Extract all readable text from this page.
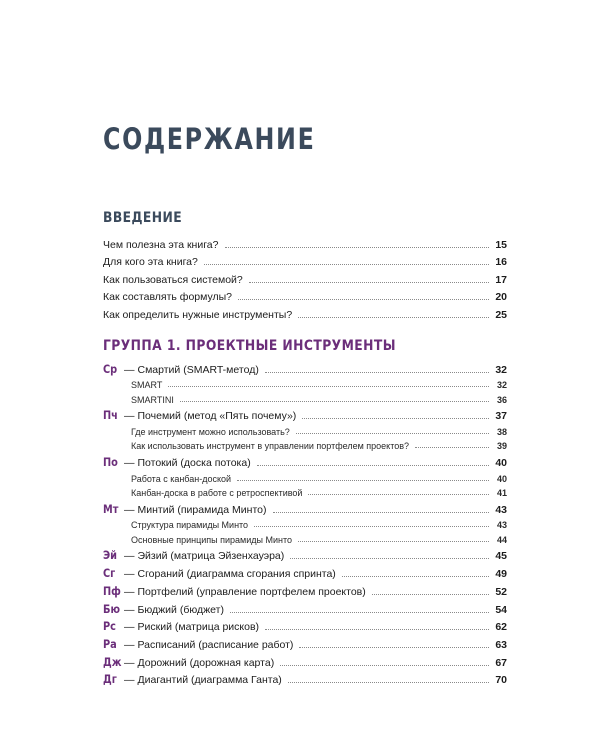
СОДЕРЖАНИЕ
ВВЕДЕНИЕ
Чем полезна эта книга?	15
Для кого эта книга?	16
Как пользоваться системой?	17
Как составлять формулы?	20
Как определить нужные инструменты?	25
ГРУППА 1. ПРОЕКТНЫЕ ИНСТРУМЕНТЫ
Ср — Смартий (SMART-метод)	32
SMART	32
SMARTINI	36
Пч — Почемий (метод «Пять почему»)	37
Где инструмент можно использовать?	38
Как использовать инструмент в управлении портфелем проектов?	39
По — Потокий (доска потока)	40
Работа с канбан-доской	40
Канбан-доска в работе с ретроспективой	41
Мт — Минтий (пирамида Минто)	43
Структура пирамиды Минто	43
Основные принципы пирамиды Минто	44
Эй — Эйзий (матрица Эйзенхауэра)	45
Сг — Сгораний (диаграмма сгорания спринта)	49
Пф — Портфелий (управление портфелем проектов)	52
Бю — Бюджий (бюджет)	54
Рс — Риский (матрица рисков)	62
Ра — Расписаний (расписание работ)	63
Дж — Дорожний (дорожная карта)	67
Дг — Диагантий (диаграмма Ганта)	70
